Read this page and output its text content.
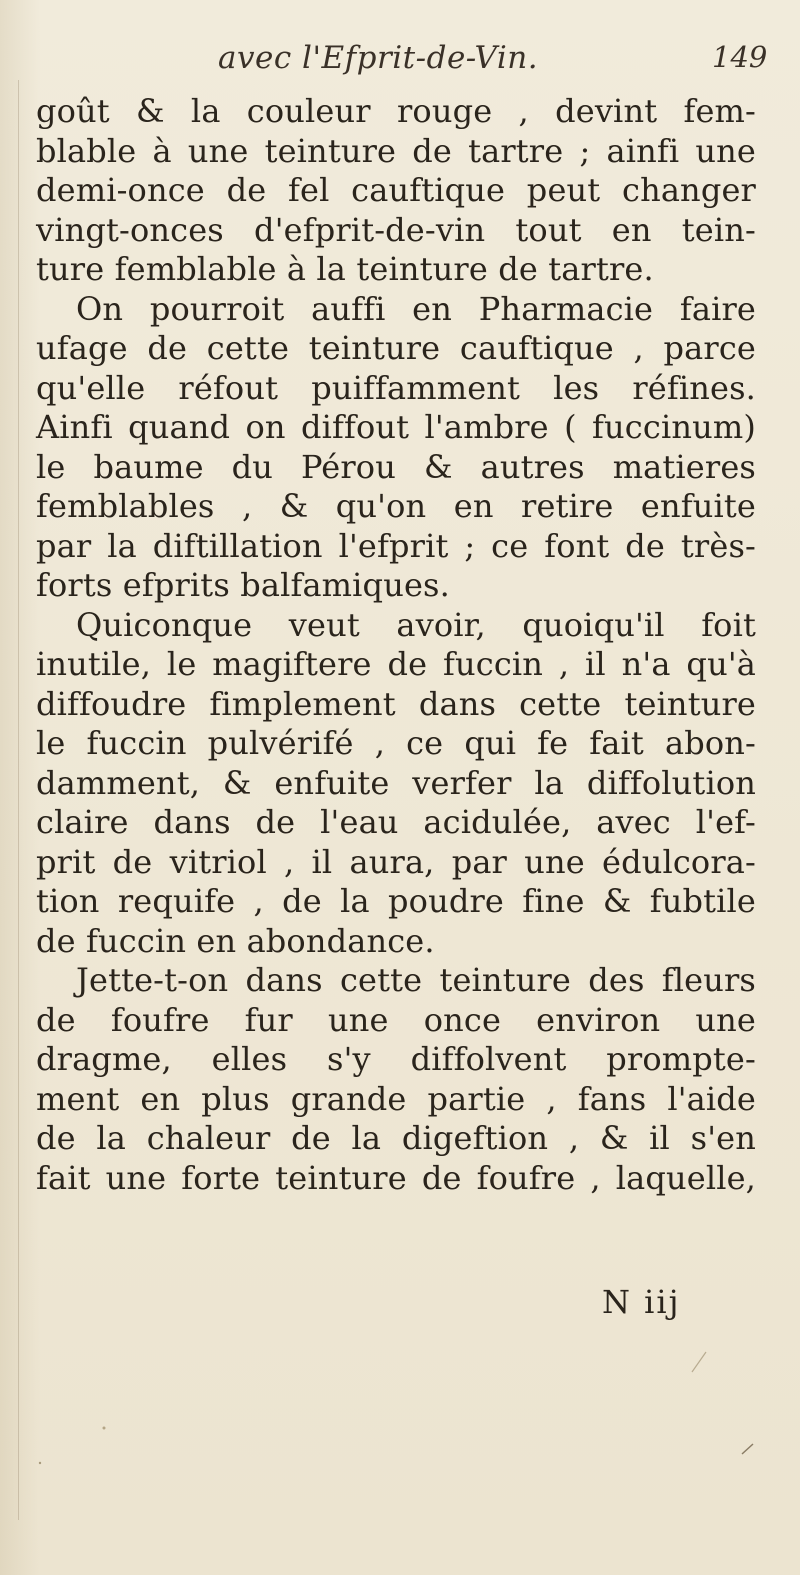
avec l'Efprit-de-Vin.	149
goût & la couleur rouge , devint fem-
blable à une teinture de tartre ; ainfi une
demi-once de fel cauftique peut changer
vingt-onces d'efprit-de-vin tout en tein-
ture femblable à la teinture de tartre.
On pourroit auffi en Pharmacie faire
ufage de cette teinture cauftique , parce
qu'elle réfout puiffamment les réfines.
Ainfi quand on diffout l'ambre ( fuccinum)
le baume du Pérou & autres matieres
femblables , & qu'on en retire enfuite
par la diftillation l'efprit ; ce font de très-
forts efprits balfamiques.
Quiconque veut avoir, quoiqu'il foit
inutile, le magiftere de fuccin , il n'a qu'à
diffoudre fimplement dans cette teinture
le fuccin pulvérifé , ce qui fe fait abon-
damment, & enfuite verfer la diffolution
claire dans de l'eau acidulée, avec l'ef-
prit de vitriol , il aura, par une édulcora-
tion requife , de la poudre fine & fubtile
de fuccin en abondance.
Jette-t-on dans cette teinture des fleurs
de foufre fur une once environ une
dragme, elles s'y diffolvent prompte-
ment en plus grande partie , fans l'aide
de la chaleur de la digeftion , & il s'en
fait une forte teinture de foufre , laquelle,
N iij
